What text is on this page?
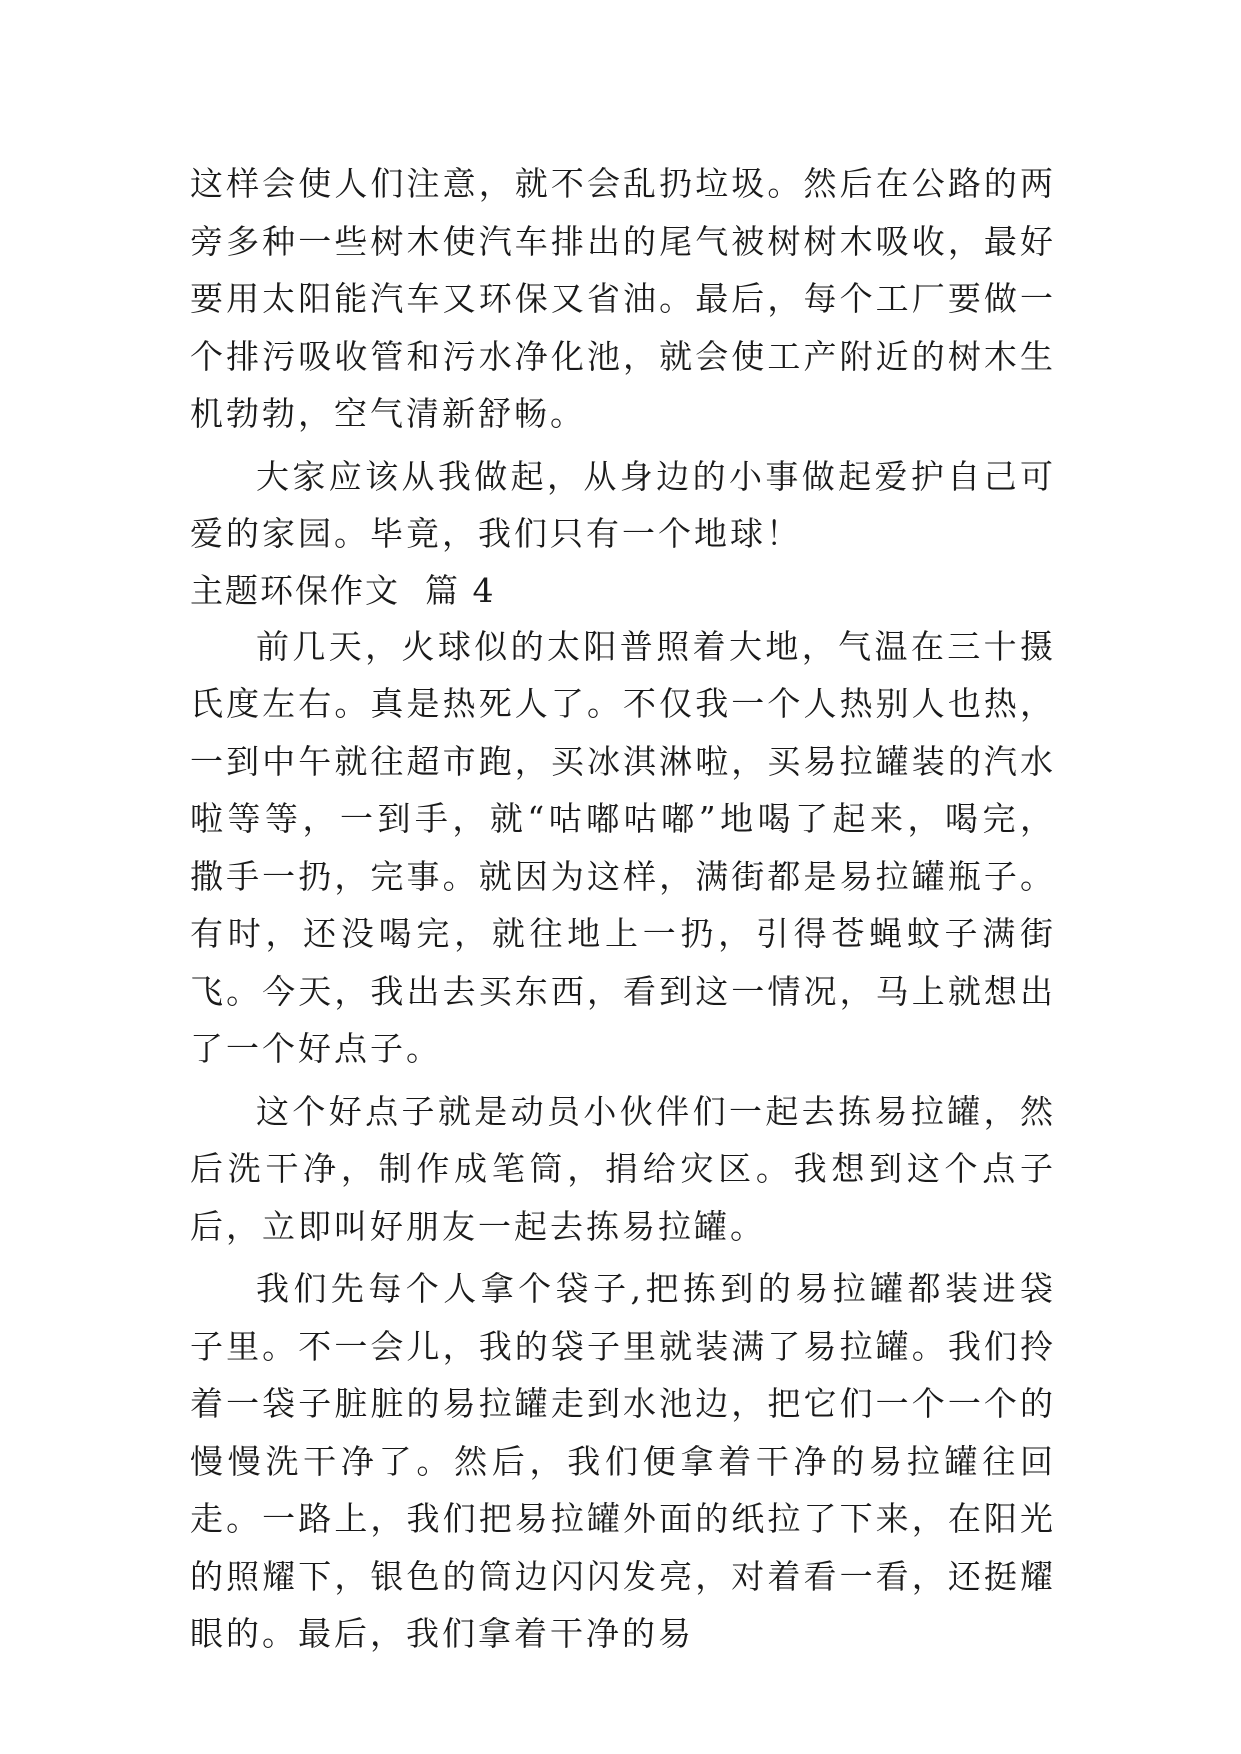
这样会使人们注意，就不会乱扔垃圾。然后在公路的两旁多种一些树木使汽车排出的尾气被树树木吸收，最好要用太阳能汽车又环保又省油。最后，每个工厂要做一个排污吸收管和污水净化池，就会使工产附近的树木生机勃勃，空气清新舒畅。

大家应该从我做起，从身边的小事做起爱护自己可爱的家园。毕竟，我们只有一个地球！

主题环保作文  篇 4

前几天，火球似的太阳普照着大地，气温在三十摄氏度左右。真是热死人了。不仅我一个人热别人也热，一到中午就往超市跑，买冰淇淋啦，买易拉罐装的汽水啦等等，一到手，就“咕嘟咕嘟”地喝了起来，喝完，撒手一扔，完事。就因为这样，满街都是易拉罐瓶子。有时，还没喝完，就往地上一扔，引得苍蝇蚊子满街飞。今天，我出去买东西，看到这一情况，马上就想出了一个好点子。

这个好点子就是动员小伙伴们一起去拣易拉罐，然后洗干净，制作成笔筒，捐给灾区。我想到这个点子后，立即叫好朋友一起去拣易拉罐。

我们先每个人拿个袋子,把拣到的易拉罐都装进袋子里。不一会儿，我的袋子里就装满了易拉罐。我们拎着一袋子脏脏的易拉罐走到水池边，把它们一个一个的慢慢洗干净了。然后，我们便拿着干净的易拉罐往回走。一路上，我们把易拉罐外面的纸拉了下来，在阳光的照耀下，银色的筒边闪闪发亮，对着看一看，还挺耀眼的。最后，我们拿着干净的易
